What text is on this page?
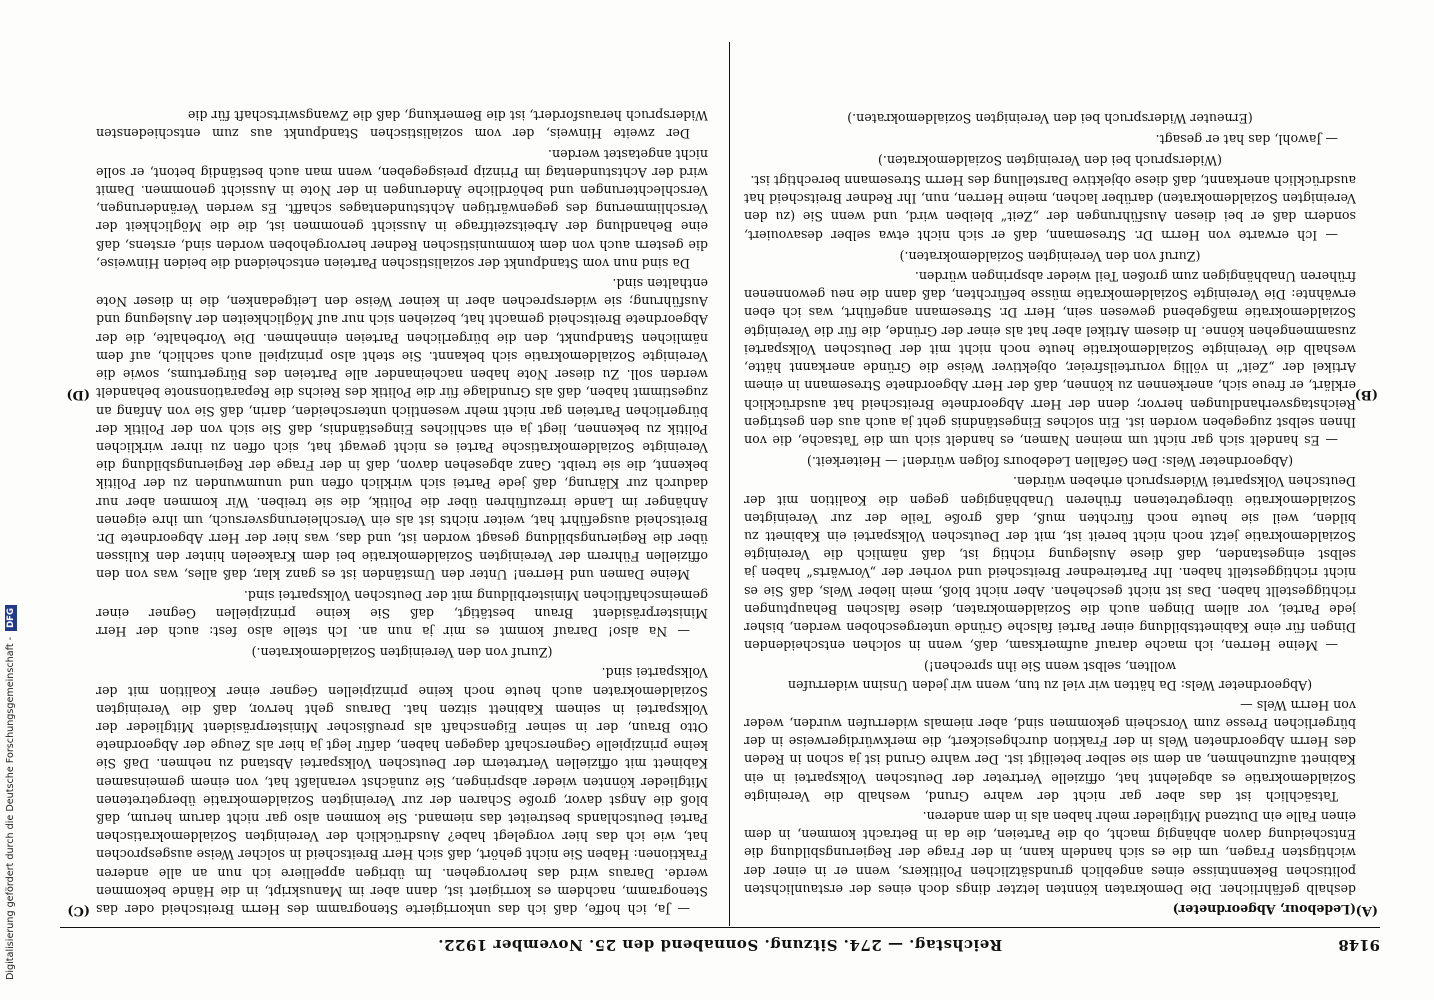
Digitalisierung gefördert durch die Deutsche Forschungsgemeinschaft -
DFG
9148
Reichstag. — 274. Sitzung. Sonnabend den 25. November 1922.
(A)
(B)
(C)
(D)

(Ledebour, Abgeordneter)

deshalb gefährlicher. Die Demokraten könnten letzter dings doch eines der erstaunlichsten politischen Bekenntnisse eines angeblich grundsätzlichen Politikers, wenn er in einer der wichtigsten Fragen, um die es sich handeln kann, in der Frage der Regierungsbildung die Entscheidung davon abhängig macht, ob die Parteien, die da in Betracht kommen, in dem einen Falle ein Dutzend Mitglieder mehr haben als in dem anderen.

Tatsächlich ist das aber gar nicht der wahre Grund, weshalb die Vereinigte Sozialdemokratie es abgelehnt hat, offizielle Vertreter der Deutschen Volkspartei in ein Kabinett aufzunehmen, an dem sie selber beteiligt ist. Der wahre Grund ist ja schon in Reden des Herrn Abgeordneten Wels in der Fraktion durchgesickert, die merkwürdigerweise in der bürgerlichen Presse zum Vorschein gekommen sind, aber niemals widerrufen wurden, weder von Herrn Wels —

(Abgeordneter Wels: Da hätten wir viel zu tun, wenn wir jeden Unsinn widerrufen wollten, selbst wenn Sie ihn sprechen!)

— Meine Herren, ich mache darauf aufmerksam, daß, wenn in solchen entscheidenden Dingen für eine Kabinettsbildung einer Partei falsche Gründe untergeschoben werden, bisher jede Partei, vor allem Dingen auch die Sozialdemokraten, diese falschen Behauptungen richtiggestellt haben. Das ist nicht geschehen. Aber nicht bloß, mein lieber Wels, daß Sie es nicht richtiggestellt haben. Ihr Parteiredner Breitscheid und vorher der „Vorwärts“ haben ja selbst eingestanden, daß diese Auslegung richtig ist, daß nämlich die Vereinigte Sozialdemokratie jetzt noch nicht bereit ist, mit der Deutschen Volkspartei ein Kabinett zu bilden, weil sie heute noch fürchten muß, daß große Teile der zur Vereinigten Sozialdemokratie übergetretenen früheren Unabhängigen gegen die Koalition mit der Deutschen Volkspartei Widerspruch erheben würden.

(Abgeordneter Wels: Den Gefallen Ledebours folgen würden! — Heiterkeit.)

— Es handelt sich gar nicht um meinen Namen, es handelt sich um die Tatsache, die von Ihnen selbst zugegeben worden ist. Ein solches Eingeständnis geht ja auch aus den gestrigen Reichstagsverhandlungen hervor; denn der Herr Abgeordnete Breitscheid hat ausdrücklich erklärt, er freue sich, anerkennen zu können, daß der Herr Abgeordnete Stresemann in einem Artikel der „Zeit“ in völlig vorurteilsfreier, objektiver Weise die Gründe anerkannt hätte, weshalb die Vereinigte Sozialdemokratie heute noch nicht mit der Deutschen Volkspartei zusammengehen könne. In diesem Artikel aber hat als einer der Gründe, die für die Vereinigte Sozialdemokratie maßgebend gewesen sein, Herr Dr. Stresemann angeführt, was ich eben erwähnte: Die Vereinigte Sozialdemokratie müsse befürchten, daß dann die neu gewonnenen früheren Unabhängigen zum großen Teil wieder abspringen würden.

(Zuruf von den Vereinigten Sozialdemokraten.)

— Ich erwarte von Herrn Dr. Stresemann, daß er sich nicht etwa selber desavouiert, sondern daß er bei diesen Ausführungen der „Zeit“ bleiben wird, und wenn Sie (zu den Vereinigten Sozialdemokraten) darüber lachen, meine Herren, nun, Ihr Redner Breitscheid hat ausdrücklich anerkannt, daß diese objektive Darstellung des Herrn Stresemann berechtigt ist.

(Widerspruch bei den Vereinigten Sozialdemokraten.)

— Jawohl, das hat er gesagt.

(Erneuter Widerspruch bei den Vereinigten Sozialdemokraten.)

— Ja, ich hoffe, daß ich das unkorrigierte Stenogramm des Herrn Breitscheid oder das Stenogramm, nachdem es korrigiert ist, dann aber im Manuskript, in die Hände bekommen werde. Daraus wird das hervorgehen. Im übrigen appelliere ich nun an alle anderen Fraktionen: Haben Sie nicht gehört, daß sich Herr Breitscheid in solcher Weise ausgesprochen hat, wie ich das hier vorgelegt habe? Ausdrücklich der Vereinigten Sozialdemokratischen Partei Deutschlands bestreitet das niemand. Sie kommen also gar nicht darum herum, daß bloß die Angst davor, große Scharen der zur Vereinigten Sozialdemokratie übergetretenen Mitglieder könnten wieder abspringen, Sie zunächst veranlaßt hat, von einem gemeinsamen Kabinett mit offiziellen Vertretern der Deutschen Volkspartei Abstand zu nehmen. Daß Sie keine prinzipielle Gegnerschaft dagegen haben, dafür legt ja hier als Zeuge der Abgeordnete Otto Braun, der in seiner Eigenschaft als preußischer Ministerpräsident Mitglieder der Volkspartei in seinem Kabinett sitzen hat. Daraus geht hervor, daß die Vereinigten Sozialdemokraten auch heute noch keine prinzipiellen Gegner einer Koalition mit der Volkspartei sind.

(Zuruf von den Vereinigten Sozialdemokraten.)

— Na also! Darauf kommt es mir ja nun an. Ich stelle also fest: auch der Herr Ministerpräsident Braun bestätigt, daß Sie keine prinzipiellen Gegner einer gemeinschaftlichen Ministerbildung mit der Deutschen Volkspartei sind.

Meine Damen und Herren! Unter den Umständen ist es ganz klar, daß alles, was von den offiziellen Führern der Vereinigten Sozialdemokratie bei dem Krakeelen hinter den Kulissen über die Regierungsbildung gesagt worden ist, und das, was hier der Herr Abgeordnete Dr. Breitscheid ausgeführt hat, weiter nichts ist als ein Verschleierungsversuch, um ihre eigenen Anhänger im Lande irrezuführen über die Politik, die sie treiben. Wir kommen aber nur dadurch zur Klärung, daß jede Partei sich wirklich offen und unumwunden zu der Politik bekennt, die sie treibt. Ganz abgesehen davon, daß in der Frage der Regierungsbildung die Vereinigte Sozialdemokratische Partei es nicht gewagt hat, sich offen zu ihrer wirklichen Politik zu bekennen, liegt ja ein sachliches Eingeständnis, daß Sie sich von der Politik der bürgerlichen Parteien gar nicht mehr wesentlich unterscheiden, darin, daß Sie von Anfang an zugestimmt haben, daß als Grundlage für die Politik des Reichs die Reparationsnote behandelt werden soll. Zu dieser Note haben nacheinander alle Parteien des Bürgertums, sowie die Vereinigte Sozialdemokratie sich bekannt. Sie steht also prinzipiell auch sachlich, auf dem nämlichen Standpunkt, den die bürgerlichen Parteien einnehmen. Die Vorbehalte, die der Abgeordnete Breitscheid gemacht hat, beziehen sich nur auf Möglichkeiten der Auslegung und Ausführung; sie widersprechen aber in keiner Weise den Leitgedanken, die in dieser Note enthalten sind.

Da sind nun vom Standpunkt der sozialistischen Parteien entscheidend die beiden Hinweise, die gestern auch von dem kommunistischen Redner hervorgehoben worden sind, erstens, daß eine Behandlung der Arbeitszeitfrage in Aussicht genommen ist, die die Möglichkeit der Verschlimmerung des gegenwärtigen Achtstundentages schafft. Es werden Veränderungen, Verschlechterungen und behördliche Änderungen in der Note in Aussicht genommen. Damit wird der Achtstundentag im Prinzip preisgegeben, wenn man auch beständig betont, er solle nicht angetastet werden.

Der zweite Hinweis, der vom sozialistischen Standpunkt aus zum entschiedensten Widerspruch herausfordert, ist die Bemerkung, daß die Zwangswirtschaft für die
